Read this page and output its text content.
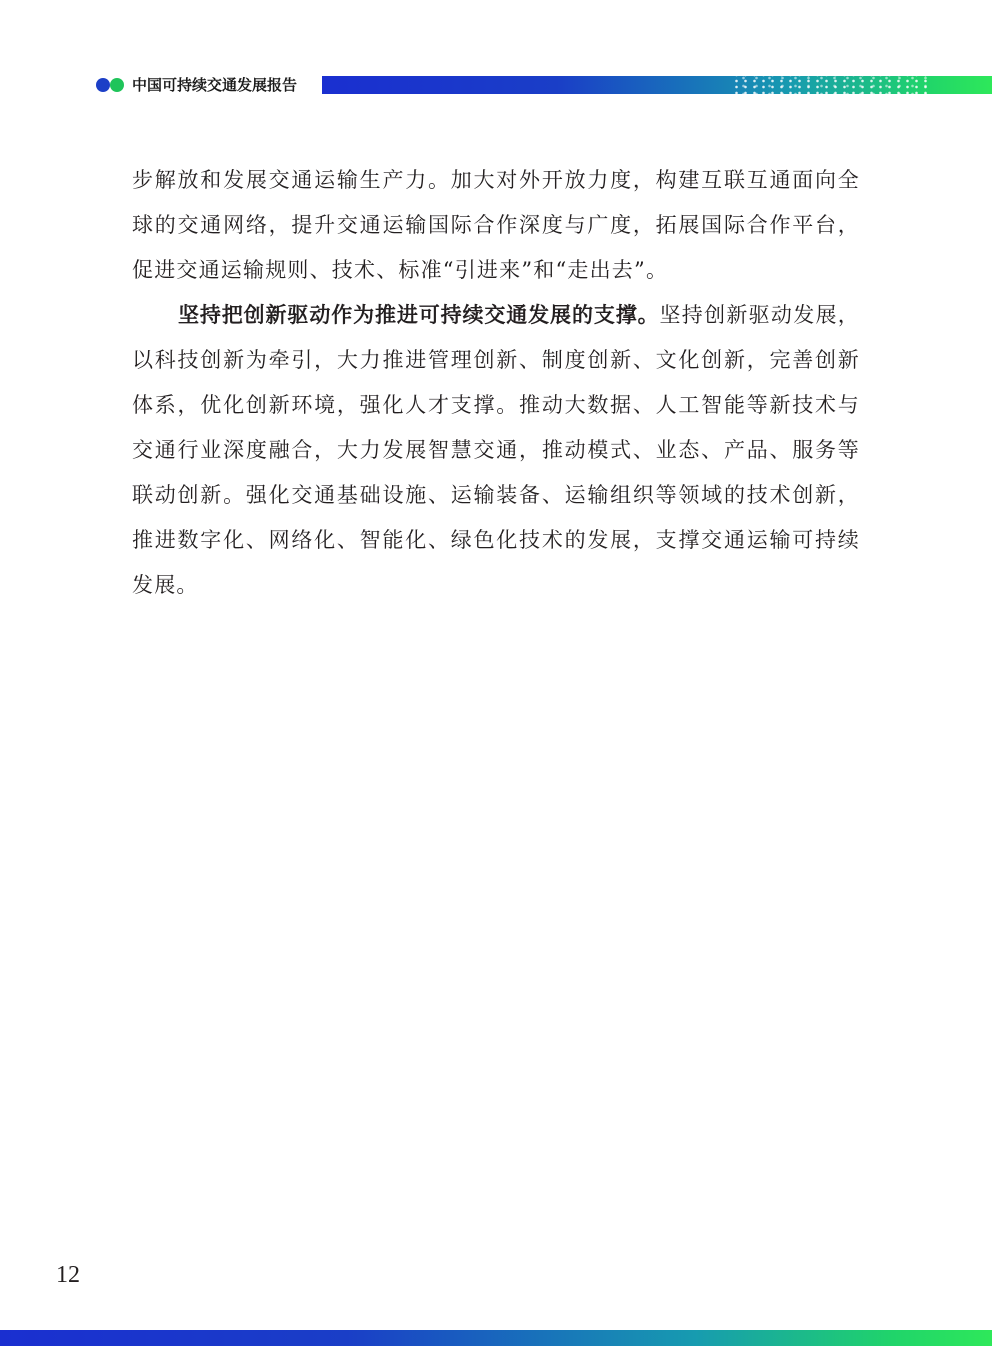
中国可持续交通发展报告

步解放和发展交通运输生产力。加大对外开放力度，构建互联互通面向全球的交通网络，提升交通运输国际合作深度与广度，拓展国际合作平台，促进交通运输规则、技术、标准“引进来”和“走出去”。

坚持把创新驱动作为推进可持续交通发展的支撑。坚持创新驱动发展，以科技创新为牵引，大力推进管理创新、制度创新、文化创新，完善创新体系，优化创新环境，强化人才支撑。推动大数据、人工智能等新技术与交通行业深度融合，大力发展智慧交通，推动模式、业态、产品、服务等联动创新。强化交通基础设施、运输装备、运输组织等领域的技术创新，推进数字化、网络化、智能化、绿色化技术的发展，支撑交通运输可持续发展。

12
